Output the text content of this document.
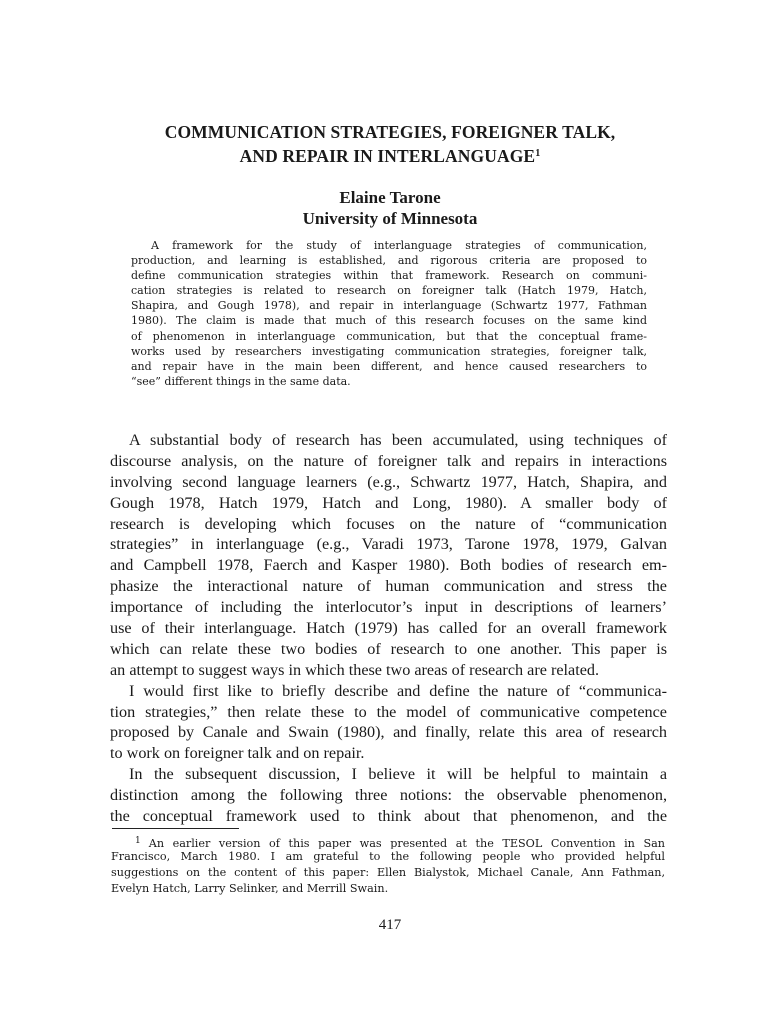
COMMUNICATION STRATEGIES, FOREIGNER TALK,
AND REPAIR IN INTERLANGUAGE$^1$
Elaine Tarone
University of Minnesota
A framework for the study of interlanguage strategies of communication,
production, and learning is established, and rigorous criteria are proposed to
define communication strategies within that framework. Research on communi-
cation strategies is related to research on foreigner talk (Hatch 1979, Hatch,
Shapira, and Gough 1978), and repair in interlanguage (Schwartz 1977, Fathman
1980). The claim is made that much of this research focuses on the same kind
of phenomenon in interlanguage communication, but that the conceptual frame-
works used by researchers investigating communication strategies, foreigner talk,
and repair have in the main been different, and hence caused researchers to
“see” different things in the same data.
A substantial body of research has been accumulated, using techniques of
discourse analysis, on the nature of foreigner talk and repairs in interactions
involving second language learners (e.g., Schwartz 1977, Hatch, Shapira, and
Gough 1978, Hatch 1979, Hatch and Long, 1980). A smaller body of
research is developing which focuses on the nature of “communication
strategies” in interlanguage (e.g., Varadi 1973, Tarone 1978, 1979, Galvan
and Campbell 1978, Faerch and Kasper 1980). Both bodies of research em-
phasize the interactional nature of human communication and stress the
importance of including the interlocutor’s input in descriptions of learners’
use of their interlanguage. Hatch (1979) has called for an overall framework
which can relate these two bodies of research to one another. This paper is
an attempt to suggest ways in which these two areas of research are related.
I would first like to briefly describe and define the nature of “communica-
tion strategies,” then relate these to the model of communicative competence
proposed by Canale and Swain (1980), and finally, relate this area of research
to work on foreigner talk and on repair.
In the subsequent discussion, I believe it will be helpful to maintain a
distinction among the following three notions: the observable phenomenon,
the conceptual framework used to think about that phenomenon, and the
$^1$ An earlier version of this paper was presented at the TESOL Convention in San
Francisco, March 1980. I am grateful to the following people who provided helpful
suggestions on the content of this paper: Ellen Bialystok, Michael Canale, Ann Fathman,
Evelyn Hatch, Larry Selinker, and Merrill Swain.
417
